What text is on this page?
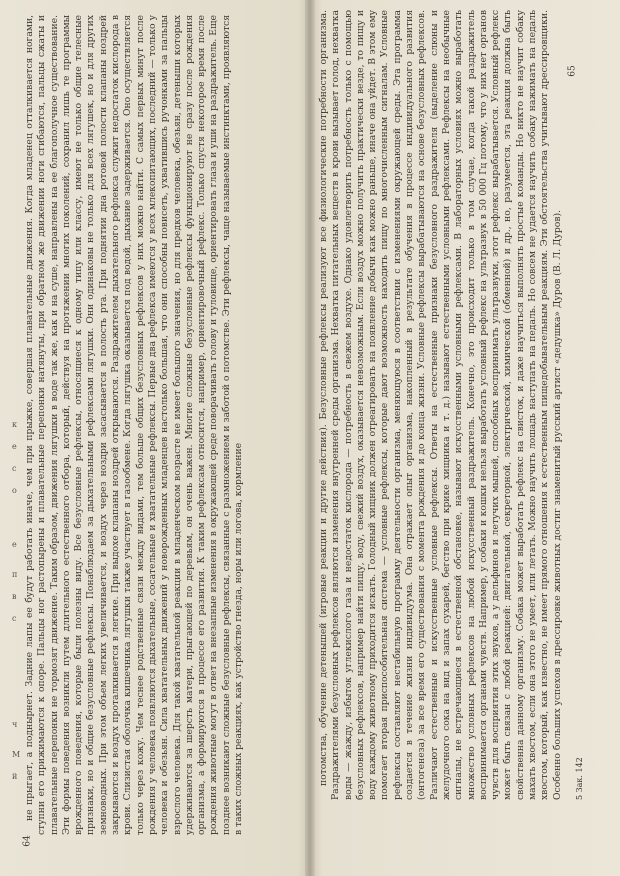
не прыгает, а поднырнет. Задние лапы ее будут работать иначе, чем при прыжке, совершая плавательные движения. Когда младенец отталкивается ногами, ступни его прижимаются к опоре. Пальцы ног растопырены и плавательные перепонки натянуты, при обратном же движении ноги сгибаются, пальцы сжаты и плавательные перепонки не тормозят движение. Таким образом, движения лягушки в воде так же, как и на суше, направлены на ее благополучное существование. Эти формы поведения возникли путем длительного естественного отбора, который, действуя на протяжении многих поколений, сохранил лишь те программы врожденного поведения, которые были полезны виду. Все безусловные рефлексы, относящиеся к одному типу или классу, имеют не только общие телесные признаки, но и общие безусловные рефлексы. Понаблюдаем за дыхательными рефлексами лягушки. Они одинаковы не только для всех лягушек, но и для других земноводных. При этом объем легких увеличивается, и воздух через ноздри засасывается в полость рта. При поднятии дна ротовой полости клапаны ноздрей закрываются и воздух проталкивается в легкие. При выдохе клапаны ноздрей открываются. Раздражителем дыхательного рефлекса служит недостаток кислорода в крови. Слизистая оболочка кишечника лягушки также участвует в газообмене. Когда лягушка оказывается под водой, дыхание задерживается. Оно осуществляется только через кожу. Чем теснее родственные связи между видами, тем больше общих безусловных рефлексов у них можно найти. С самых первых минут после рождения у человека появляются дыхательные, сосательные и хватательные рефлексы. Первые два рефлекса имеются у всех млекопитающих, последний — только у человека и обезьян. Сила хватательных движений у новорожденных младенцев настолько большая, что они способны повисеть, ухватившись ручонками за пальцы взрослого человека. Для такой хватательной реакции в младенческом возрасте не имеет большого значения, но для предков человека, обезьян, детеныши которых удерживаются за шерсть матери, прыгающей по деревьям, он очень важен. Многие сложные безусловные рефлексы функционируют не сразу после рождения организма, а формируются в процессе его развития. К таким рефлексам относится, например, ориентировочный рефлекс. Только спустя некоторое время после рождения животные могут в ответ на внезапные изменения в окружающей среде поворачивать голову и туловище, ориентировать глаза и уши на раздражитель. Еще позднее возникают сложные безусловные рефлексы, связанные с размножением и заботой о потомстве. Эти рефлексы, чаще называемые инстинктами, проявляются в таких сложных реакциях, как устройство гнезда, норы или логова, кормление	потомства, обучение детенышей (игровые реакции и другие действия). Безусловные рефлексы реализуют все физиологические потребности организма. Раздражителями безусловных рефлексов являются изменения внутренней среды организма. Нехватка питательных веществ в крови вызывает голод, нехватка воды — жажду, избыток углекислого газа и недостаток кислорода — потребность в свежем воздухе. Однако удовлетворить потребность только с помощью безусловных рефлексов, например найти пищу, воду, свежий воздух, оказывается невозможным. Если воздух можно получить практически везде, то пищу и воду каждому животному приходится искать. Голодный хищник должен отреагировать на появление добычи как можно раньше, иначе она уйдет. В этом ему помогает вторая приспособительная система — условные рефлексы, которые дают возможность находить пищу по многочисленным сигналам. Условные рефлексы составляют нестабильную программу деятельности организма, меняющуюся в соответствии с изменениями окружающей среды. Эта программа создается в течение жизни индивидуума. Она отражает опыт организма, накопленный в результате обучения в процессе индивидуального развития (онтогенеза) за все время его существования с момента рождения и до конца жизни. Условные рефлексы вырабатываются на основе безусловных рефлексов. Различают естественные и искусственные условные рефлексы. Ответы на естественные признаки безусловного раздражителя (выделение слюны и желудочного сока на вид и запах сухарей, бегство при крике хищника и т. д.) называют естественными условными рефлексами. Рефлексы на необычные сигналы, не встречающиеся в естественной обстановке, называют искусственными условными рефлексами. В лабораторных условиях можно выработать множество условных рефлексов на любой искусственный раздражитель. Конечно, это происходит только в том случае, когда такой раздражитель воспринимается органами чувств. Например, у собаки и кошки нельзя выработать условный рефлекс на ультразвук в 50 000 Гц потому, что у них нет органов чувств для восприятия этих звуков, а у дельфинов и летучих мышей, способных воспринимать ультразвуки, этот рефлекс вырабатывается. Условный рефлекс может быть связан с любой реакцией: двигательной, секреторной, электрической, химической (обменной) и др., но, разумеется, эта реакция должна быть свойственна данному организму. Собака может выработать рефлекс на свисток, и даже научиться выполнять простые команды. Но никто не научит собаку махать хвостом, если она этого не умеет, или летать. Можно научить лошадь наступать на педаль. Но совсем не удается научить собаку нажимать на педаль хвостом, который, как известно, не имеет прямого отношения к естественным пищедобывательным реакциям. Эти обстоятельства учитывают дрессировщики. Особенно больших успехов в дрессировке животных достиг знаменитый русский артист «дедушка» Дуров (В. Л. Дуров).

64
65
5 Зак. 142
к
е
с
о
е
п
в
с
ч
М
й
